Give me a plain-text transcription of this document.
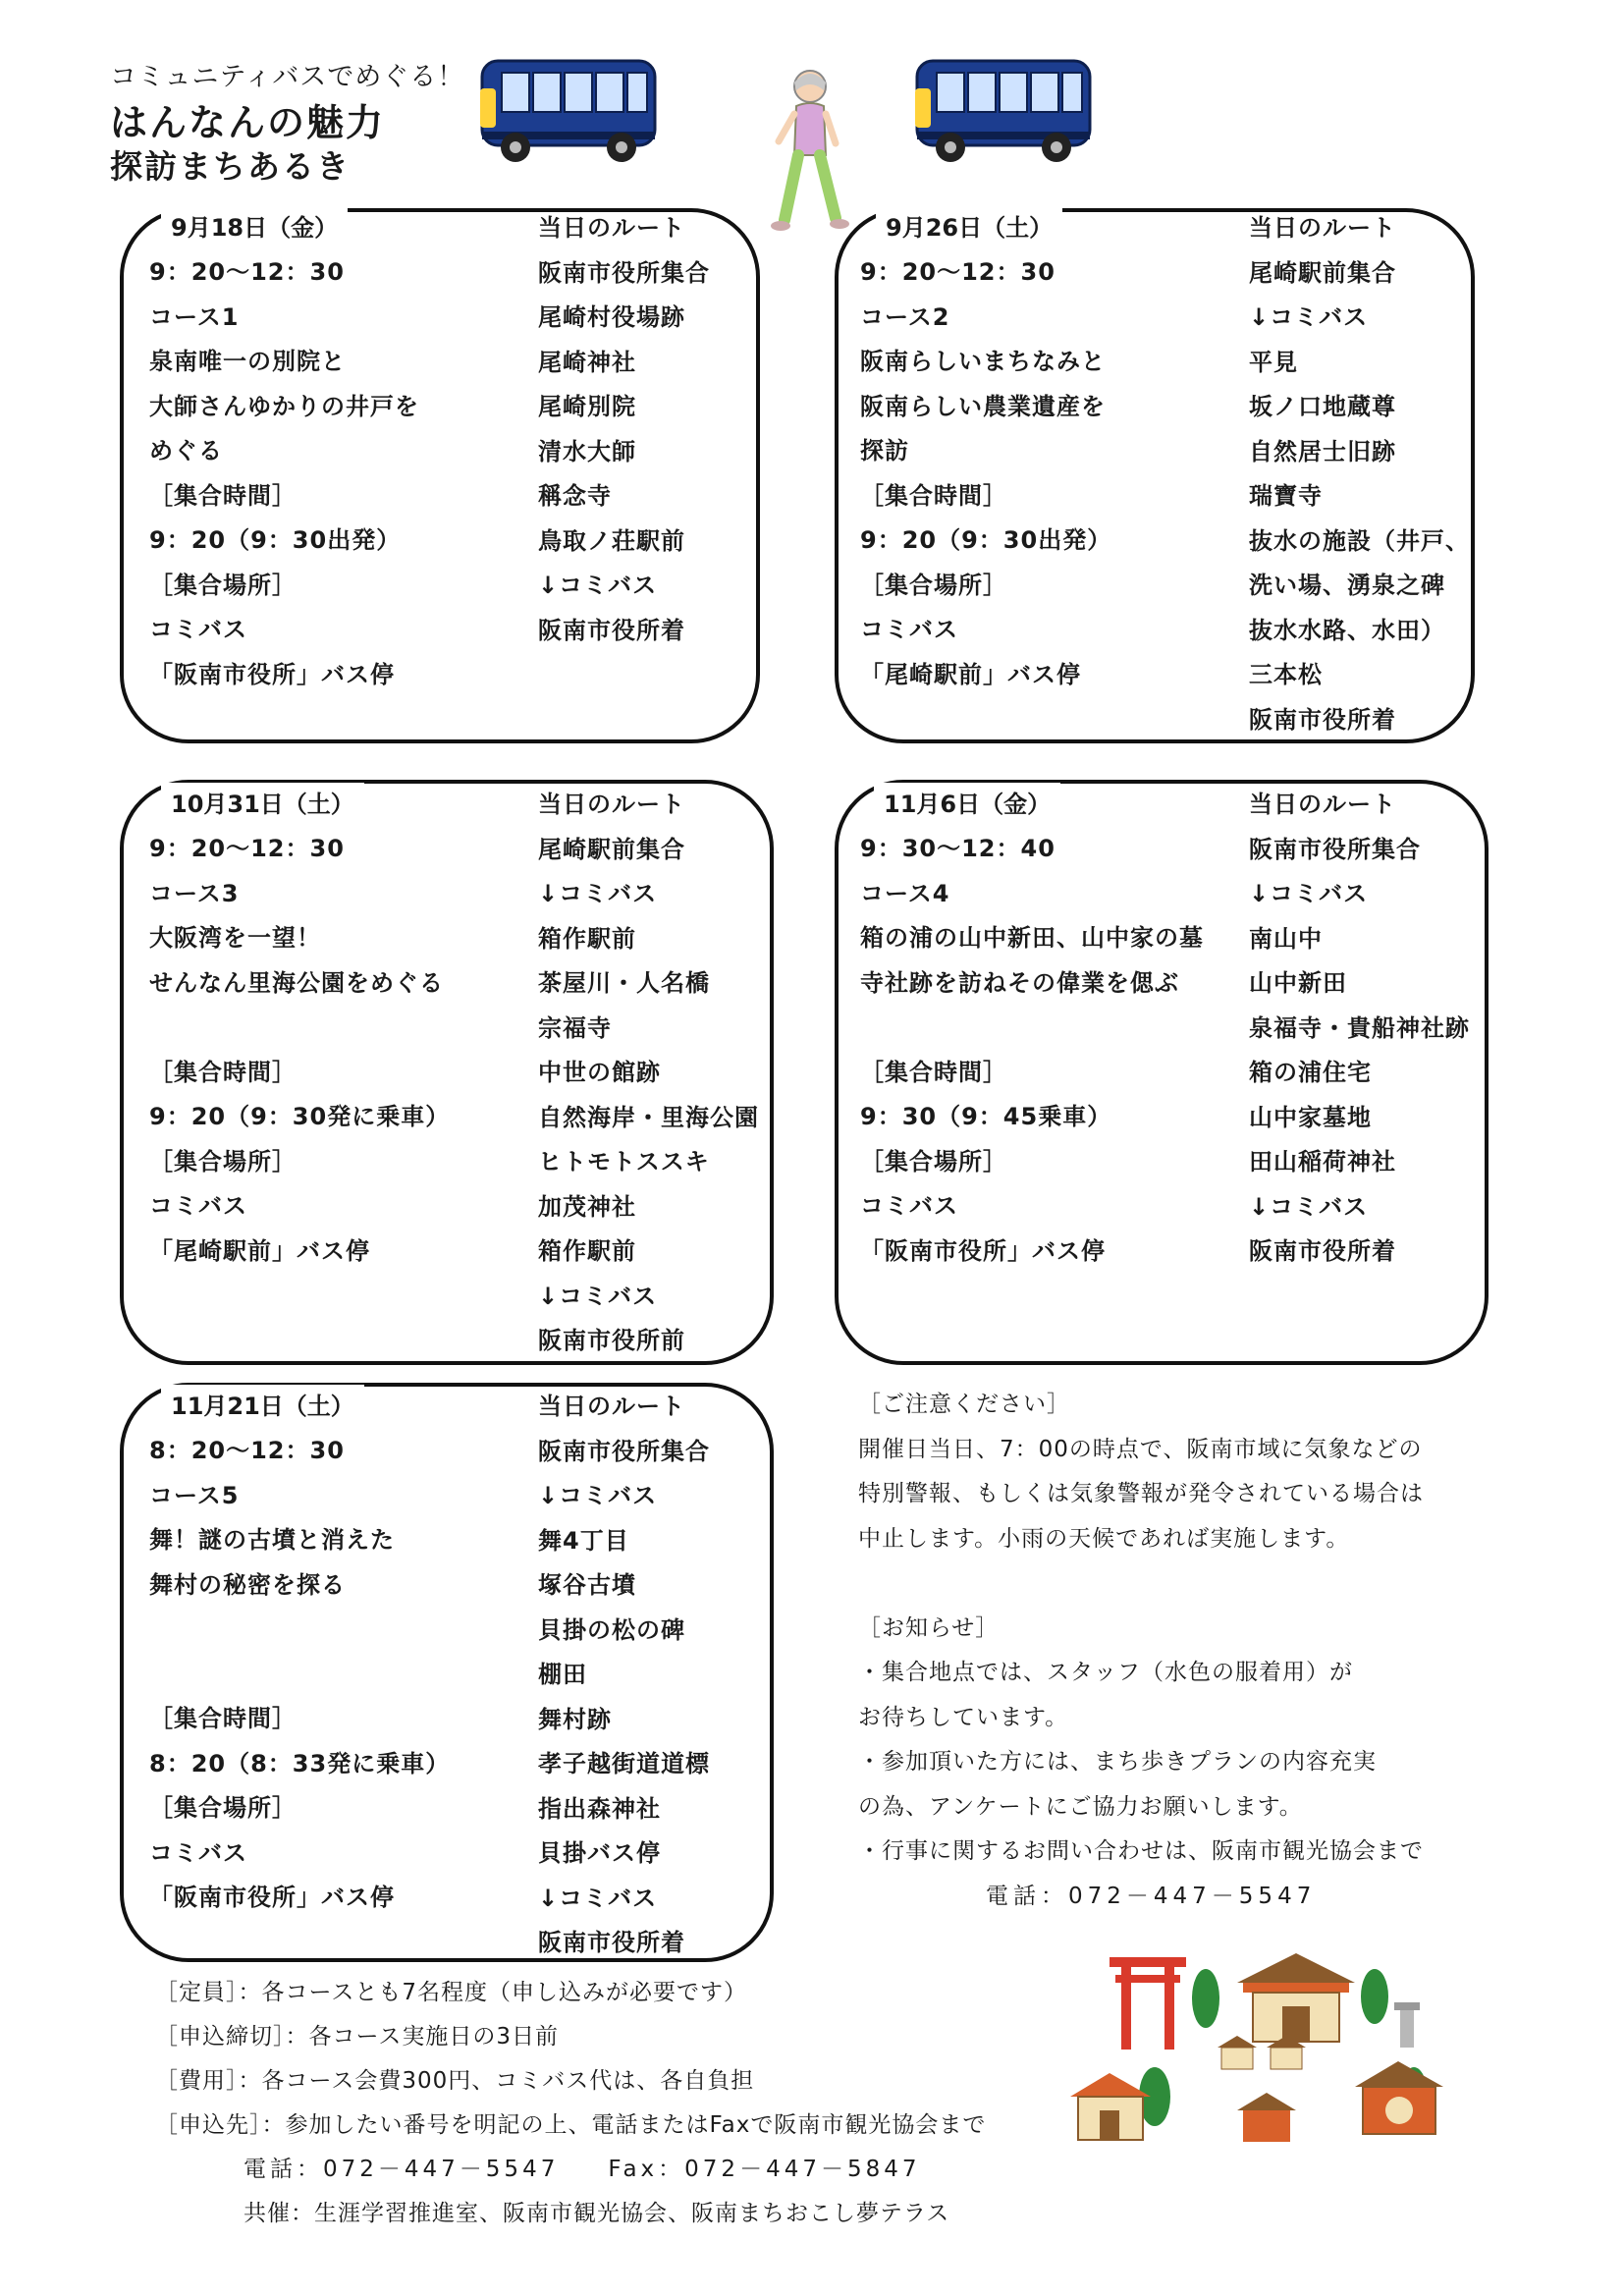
コミュニティバスでめぐる！
はんなんの魅力
探訪まちあるき
9月18日（金）
9：20〜12：30
コース1
泉南唯一の別院と
大師さんゆかりの井戸を
めぐる
［集合時間］
9：20（9：30出発）
［集合場所］
コミバス
「阪南市役所」バス停
当日のルート
阪南市役所集合
尾崎村役場跡
尾崎神社
尾崎別院
清水大師
稱念寺
鳥取ノ荘駅前
↓コミバス
阪南市役所着
9月26日（土）
9：20〜12：30
コース2
阪南らしいまちなみと
阪南らしい農業遺産を
探訪
［集合時間］
9：20（9：30出発）
［集合場所］
コミバス
「尾崎駅前」バス停
当日のルート
尾崎駅前集合
↓コミバス
平見
坂ノ口地蔵尊
自然居士旧跡
瑞寶寺
抜水の施設（井戸、
洗い場、湧泉之碑
抜水水路、水田）
三本松
阪南市役所着
10月31日（土）
9：20〜12：30
コース3
大阪湾を一望！
せんなん里海公園をめぐる
［集合時間］
9：20（9：30発に乗車）
［集合場所］
コミバス
「尾崎駅前」バス停
当日のルート
尾崎駅前集合
↓コミバス
箱作駅前
茶屋川・人名橋
宗福寺
中世の館跡
自然海岸・里海公園
ヒトモトススキ
加茂神社
箱作駅前
↓コミバス
阪南市役所前
11月6日（金）
9：30〜12：40
コース4
箱の浦の山中新田、山中家の墓
寺社跡を訪ねその偉業を偲ぶ
［集合時間］
9：30（9：45乗車）
［集合場所］
コミバス
「阪南市役所」バス停
当日のルート
阪南市役所集合
↓コミバス
南山中
山中新田
泉福寺・貴船神社跡
箱の浦住宅
山中家墓地
田山稲荷神社
↓コミバス
阪南市役所着
11月21日（土）
8：20〜12：30
コース5
舞！謎の古墳と消えた
舞村の秘密を探る
［集合時間］
8：20（8：33発に乗車）
［集合場所］
コミバス
「阪南市役所」バス停
当日のルート
阪南市役所集合
↓コミバス
舞4丁目
塚谷古墳
貝掛の松の碑
棚田
舞村跡
孝子越街道道標
指出森神社
貝掛バス停
↓コミバス
阪南市役所着
［ご注意ください］
開催日当日、7：00の時点で、阪南市域に気象などの
特別警報、もしくは気象警報が発令されている場合は
中止します。小雨の天候であれば実施します。
［お知らせ］
・集合地点では、スタッフ（水色の服着用）が
お待ちしています。
・参加頂いた方には、まち歩きプランの内容充実
の為、アンケートにご協力お願いします。
・行事に関するお問い合わせは、阪南市観光協会まで
電話：072－447－5547
［定員］：各コースとも7名程度（申し込みが必要です）
［申込締切］：各コース実施日の3日前
［費用］：各コース会費300円、コミバス代は、各自負担
［申込先］：参加したい番号を明記の上、電話またはFaxで阪南市観光協会まで
電話：072－447－5547 Fax：072－447－5847
共催：生涯学習推進室、阪南市観光協会、阪南まちおこし夢テラス
